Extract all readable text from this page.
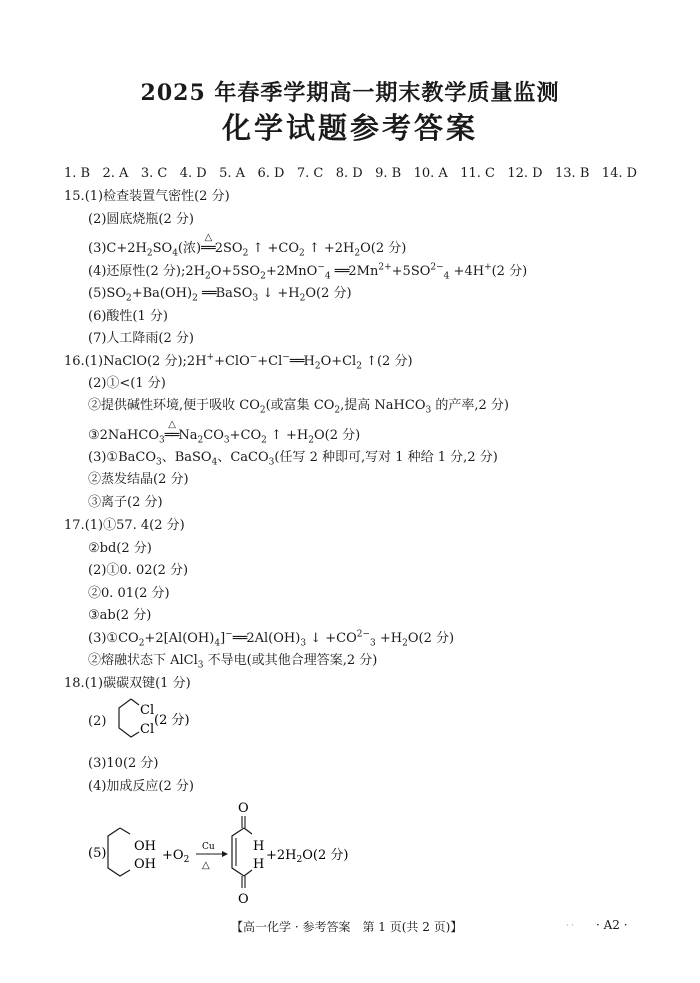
2025 年春季学期高一期末教学质量监测
化学试题参考答案
1. B 2. A 3. C 4. D 5. A 6. D 7. C 8. D 9. B 10. A 11. C 12. D 13. B 14. D
15.(1)检查装置气密性(2 分)
(2)圆底烧瓶(2 分)
$(3)C+2H_2SO_4$(浓)
△
$══2SO_2$ ↑ $+CO_2$ ↑ $+2H_2O(2$ 分)
(4)还原性(2 分)$;2H_2O+5SO_2+2MnO^-_4$ $══2Mn^{2+}+5SO^{2-}_4 +4H^+(2$ 分)
$(5)SO_2+Ba(OH)_2$ ══BaSO$_3$ ↓ $+H_2O(2$ 分)
(6)酸性(1 分)
(7)人工降雨(2 分)
16.(1)NaClO(2 分)$;2H^++ClO^-+Cl^-══H_2O+Cl_2$ ↑(2 分)
(2)①<(1 分)
②提供碱性环境,便于吸收 $CO_2$(或富集 $CO_2$,提高 NaHCO$_3$ 的产率,2 分)
③2NaHCO$_3$
△
$══Na_2CO_3+CO_2$ ↑ $+H_2O(2$ 分)
(3)①BaCO$_3$、BaSO$_4$、CaCO$_3$(任写 2 种即可,写对 1 种给 1 分,2 分)
②蒸发结晶(2 分)
③离子(2 分)
17.(1)①57. 4(2 分)
②bd(2 分)
(2)①0. 02(2 分)
②0. 01(2 分)
③ab(2 分)
$(3)①CO_2+2[Al(OH)_4]^-══2Al(OH)_3$ ↓ $+CO^{2-}_3 +H_2O(2$ 分)
②熔融状态下 AlCl$_3$ 不导电(或其他合理答案,2 分)
18.(1)碳碳双键(1 分)
(2)
Cl
Cl
(2 分)
(3)10(2 分)
(4)加成反应(2 分)
(5) OH
OH
$+O_2$
Cu
△
O
H
H
O
$+2H_2O(2$ 分)
【高一化学 · 参考答案　第 1 页(共 2 页)】	· · · A2 ·
